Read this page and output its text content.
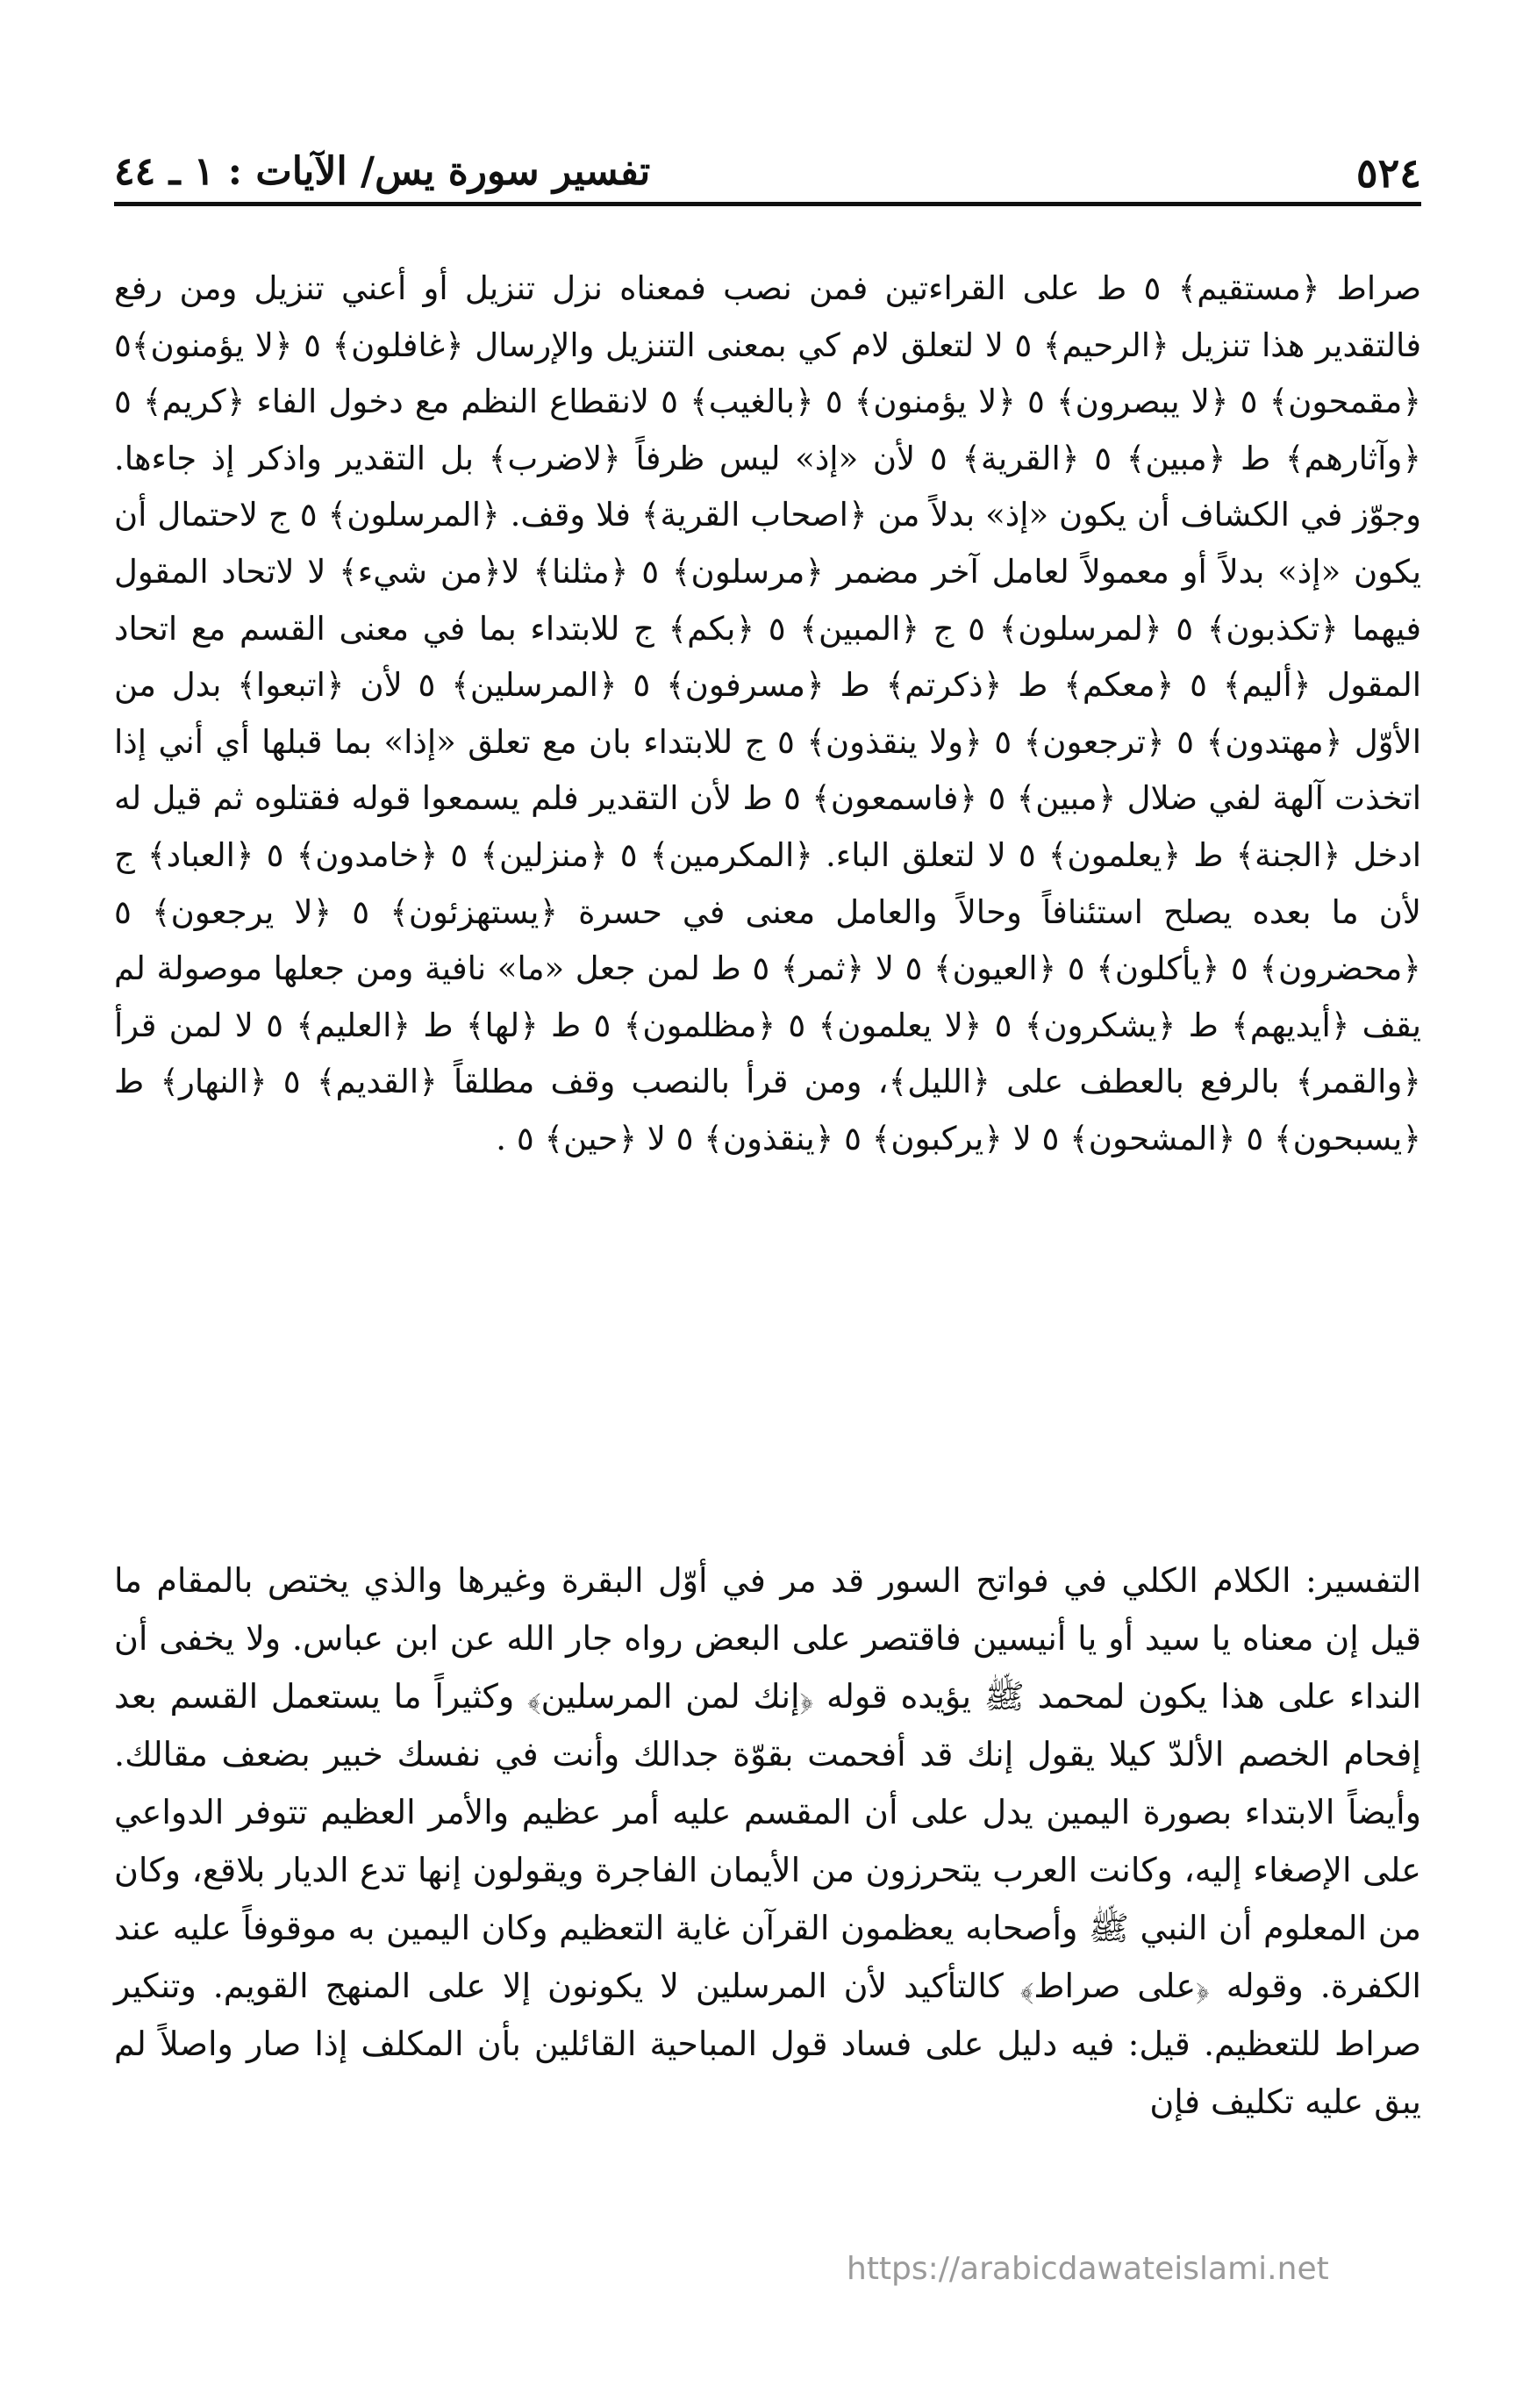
٥٢٤
تفسير سورة يس/ الآيات : ١ ـ ٤٤

صراط ﴿مستقيم﴾ ٥ ط على القراءتين فمن نصب فمعناه نزل تنزيل أو أعني تنزيل ومن رفع فالتقدير هذا تنزيل ﴿الرحيم﴾ ٥ لا لتعلق لام كي بمعنى التنزيل والإرسال ﴿غافلون﴾ ٥ ﴿لا يؤمنون﴾٥ ﴿مقمحون﴾ ٥ ﴿لا يبصرون﴾ ٥ ﴿لا يؤمنون﴾ ٥ ﴿بالغيب﴾ ٥ لانقطاع النظم مع دخول الفاء ﴿كريم﴾ ٥ ﴿وآثارهم﴾ ط ﴿مبين﴾ ٥ ﴿القرية﴾ ٥ لأن «إذ» ليس ظرفاً ﴿لاضرب﴾ بل التقدير واذكر إذ جاءها. وجوّز في الكشاف أن يكون «إذ» بدلاً من ﴿اصحاب القرية﴾ فلا وقف. ﴿المرسلون﴾ ٥ ج لاحتمال أن يكون «إذ» بدلاً أو معمولاً لعامل آخر مضمر ﴿مرسلون﴾ ٥ ﴿مثلنا﴾ لا﴿من شيء﴾ لا لاتحاد المقول فيهما ﴿تكذبون﴾ ٥ ﴿لمرسلون﴾ ٥ ج ﴿المبين﴾ ٥ ﴿بكم﴾ ج للابتداء بما في معنى القسم مع اتحاد المقول ﴿أليم﴾ ٥ ﴿معكم﴾ ط ﴿ذكرتم﴾ ط ﴿مسرفون﴾ ٥ ﴿المرسلين﴾ ٥ لأن ﴿اتبعوا﴾ بدل من الأوّل ﴿مهتدون﴾ ٥ ﴿ترجعون﴾ ٥ ﴿ولا ينقذون﴾ ٥ ج للابتداء بان مع تعلق «إذا» بما قبلها أي أني إذا اتخذت آلهة لفي ضلال ﴿مبين﴾ ٥ ﴿فاسمعون﴾ ٥ ط لأن التقدير فلم يسمعوا قوله فقتلوه ثم قيل له ادخل ﴿الجنة﴾ ط ﴿يعلمون﴾ ٥ لا لتعلق الباء. ﴿المكرمين﴾ ٥ ﴿منزلين﴾ ٥ ﴿خامدون﴾ ٥ ﴿العباد﴾ ج لأن ما بعده يصلح استئنافاً وحالاً والعامل معنى في حسرة ﴿يستهزئون﴾ ٥ ﴿لا يرجعون﴾ ٥ ﴿محضرون﴾ ٥ ﴿يأكلون﴾ ٥ ﴿العيون﴾ ٥ لا ﴿ثمر﴾ ٥ ط لمن جعل «ما» نافية ومن جعلها موصولة لم يقف ﴿أيديهم﴾ ط ﴿يشكرون﴾ ٥ ﴿لا يعلمون﴾ ٥ ﴿مظلمون﴾ ٥ ط ﴿لها﴾ ط ﴿العليم﴾ ٥ لا لمن قرأ ﴿والقمر﴾ بالرفع بالعطف على ﴿الليل﴾، ومن قرأ بالنصب وقف مطلقاً ﴿القديم﴾ ٥ ﴿النهار﴾ ط ﴿يسبحون﴾ ٥ ﴿المشحون﴾ ٥ لا ﴿يركبون﴾ ٥ ﴿ينقذون﴾ ٥ لا ﴿حين﴾ ٥ .

التفسير: الكلام الكلي في فواتح السور قد مر في أوّل البقرة وغيرها والذي يختص بالمقام ما قيل إن معناه يا سيد أو يا أنيسين فاقتصر على البعض رواه جار الله عن ابن عباس. ولا يخفى أن النداء على هذا يكون لمحمد ﷺ يؤيده قوله ﴿إنك لمن المرسلين﴾ وكثيراً ما يستعمل القسم بعد إفحام الخصم الألدّ كيلا يقول إنك قد أفحمت بقوّة جدالك وأنت في نفسك خبير بضعف مقالك. وأيضاً الابتداء بصورة اليمين يدل على أن المقسم عليه أمر عظيم والأمر العظيم تتوفر الدواعي على الإصغاء إليه، وكانت العرب يتحرزون من الأيمان الفاجرة ويقولون إنها تدع الديار بلاقع، وكان من المعلوم أن النبي ﷺ وأصحابه يعظمون القرآن غاية التعظيم وكان اليمين به موقوفاً عليه عند الكفرة. وقوله ﴿على صراط﴾ كالتأكيد لأن المرسلين لا يكونون إلا على المنهج القويم. وتنكير صراط للتعظيم. قيل: فيه دليل على فساد قول المباحية القائلين بأن المكلف إذا صار واصلاً لم يبق عليه تكليف فإن

https://arabicdawateislami.net
